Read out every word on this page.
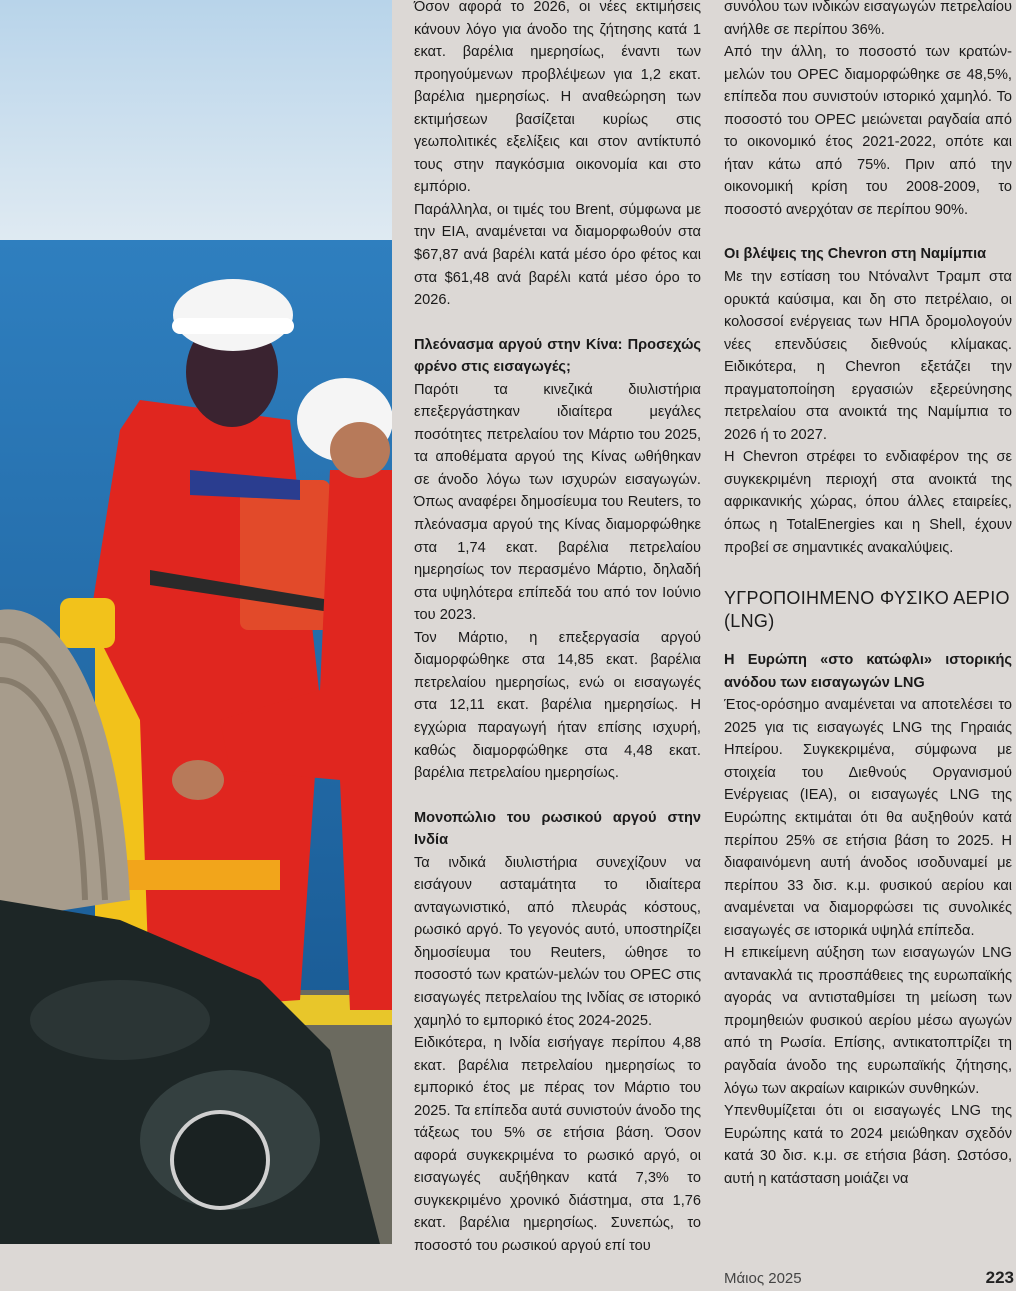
Όσον αφορά το 2026, οι νέες εκτιμήσεις κάνουν λόγο για άνοδο της ζήτησης κατά 1 εκατ. βαρέλια ημερησίως, έναντι των προηγούμενων προβλέψεων για 1,2 εκατ. βαρέλια ημερησίως. Η αναθεώρηση των εκτιμήσεων βασίζεται κυρίως στις γεωπολιτικές εξελίξεις και στον αντίκτυπό τους στην παγκόσμια οικονομία και στο εμπόριο.

Παράλληλα, οι τιμές του Brent, σύμφωνα με την EIA, αναμένεται να διαμορφωθούν στα $67,87 ανά βαρέλι κατά μέσο όρο φέτος και στα $61,48 ανά βαρέλι κατά μέσο όρο το 2026.

Πλεόνασμα αργού στην Κίνα: Προσεχώς φρένο στις εισαγωγές;

Παρότι τα κινεζικά διυλιστήρια επεξεργάστηκαν ιδιαίτερα μεγάλες ποσότητες πετρελαίου τον Μάρτιο του 2025, τα αποθέματα αργού της Κίνας ωθήθηκαν σε άνοδο λόγω των ισχυρών εισαγωγών. Όπως αναφέρει δημοσίευμα του Reuters, το πλεόνασμα αργού της Κίνας διαμορφώθηκε στα 1,74 εκατ. βαρέλια πετρελαίου ημερησίως τον περασμένο Μάρτιο, δηλαδή στα υψηλότερα επίπεδά του από τον Ιούνιο του 2023.

Τον Μάρτιο, η επεξεργασία αργού διαμορφώθηκε στα 14,85 εκατ. βαρέλια πετρελαίου ημερησίως, ενώ οι εισαγωγές στα 12,11 εκατ. βαρέλια ημερησίως. Η εγχώρια παραγωγή ήταν επίσης ισχυρή, καθώς διαμορφώθηκε στα 4,48 εκατ. βαρέλια πετρελαίου ημερησίως.

Μονοπώλιο του ρωσικού αργού στην Ινδία

Τα ινδικά διυλιστήρια συνεχίζουν να εισάγουν ασταμάτητα το ιδιαίτερα ανταγωνιστικό, από πλευράς κόστους, ρωσικό αργό. Το γεγονός αυτό, υποστηρίζει δημοσίευμα του Reuters, ώθησε το ποσοστό των κρατών-μελών του OPEC στις εισαγωγές πετρελαίου της Ινδίας σε ιστορικό χαμηλό το εμπορικό έτος 2024-2025.

Ειδικότερα, η Ινδία εισήγαγε περίπου 4,88 εκατ. βαρέλια πετρελαίου ημερησίως το εμπορικό έτος με πέρας τον Μάρτιο του 2025. Τα επίπεδα αυτά συνιστούν άνοδο της τάξεως του 5% σε ετήσια βάση. Όσον αφορά συγκεκριμένα το ρωσικό αργό, οι εισαγωγές αυξήθηκαν κατά 7,3% το συγκεκριμένο χρονικό διάστημα, στα 1,76 εκατ. βαρέλια ημερησίως. Συνεπώς, το ποσοστό του ρωσικού αργού επί του

συνόλου των ινδικών εισαγωγών πετρελαίου ανήλθε σε περίπου 36%.

Από την άλλη, το ποσοστό των κρατών-μελών του OPEC διαμορφώθηκε σε 48,5%, επίπεδα που συνιστούν ιστορικό χαμηλό. Το ποσοστό του OPEC μειώνεται ραγδαία από το οικονομικό έτος 2021-2022, οπότε και ήταν κάτω από 75%. Πριν από την οικονομική κρίση του 2008-2009, το ποσοστό ανερχόταν σε περίπου 90%.

Οι βλέψεις της Chevron στη Ναμίμπια

Με την εστίαση του Ντόναλντ Τραμπ στα ορυκτά καύσιμα, και δη στο πετρέλαιο, οι κολοσσοί ενέργειας των ΗΠΑ δρομολογούν νέες επενδύσεις διεθνούς κλίμακας. Ειδικότερα, η Chevron εξετάζει την πραγματοποίηση εργασιών εξερεύνησης πετρελαίου στα ανοικτά της Ναμίμπια το 2026 ή το 2027.

Η Chevron στρέφει το ενδιαφέρον της σε συγκεκριμένη περιοχή στα ανοικτά της αφρικανικής χώρας, όπου άλλες εταιρείες, όπως η TotalEnergies και η Shell, έχουν προβεί σε σημαντικές ανακαλύψεις.

ΥΓΡΟΠΟΙΗΜΕΝΟ ΦΥΣΙΚΟ ΑΕΡΙΟ (LNG)

Η Ευρώπη «στο κατώφλι» ιστορικής ανόδου των εισαγωγών LNG

Έτος-ορόσημο αναμένεται να αποτελέσει το 2025 για τις εισαγωγές LNG της Γηραιάς Ηπείρου. Συγκεκριμένα, σύμφωνα με στοιχεία του Διεθνούς Οργανισμού Ενέργειας (IEA), οι εισαγωγές LNG της Ευρώπης εκτιμάται ότι θα αυξηθούν κατά περίπου 25% σε ετήσια βάση το 2025. Η διαφαινόμενη αυτή άνοδος ισοδυναμεί με περίπου 33 δισ. κ.μ. φυσικού αερίου και αναμένεται να διαμορφώσει τις συνολικές εισαγωγές σε ιστορικά υψηλά επίπεδα.

Η επικείμενη αύξηση των εισαγωγών LNG αντανακλά τις προσπάθειες της ευρωπαϊκής αγοράς να αντισταθμίσει τη μείωση των προμηθειών φυσικού αερίου μέσω αγωγών από τη Ρωσία. Επίσης, αντικατοπτρίζει τη ραγδαία άνοδο της ευρωπαϊκής ζήτησης, λόγω των ακραίων καιρικών συνθηκών.

Υπενθυμίζεται ότι οι εισαγωγές LNG της Ευρώπης κατά το 2024 μειώθηκαν σχεδόν κατά 30 δισ. κ.μ. σε ετήσια βάση. Ωστόσο, αυτή η κατάσταση μοιάζει να

Μάιος 2025	223
